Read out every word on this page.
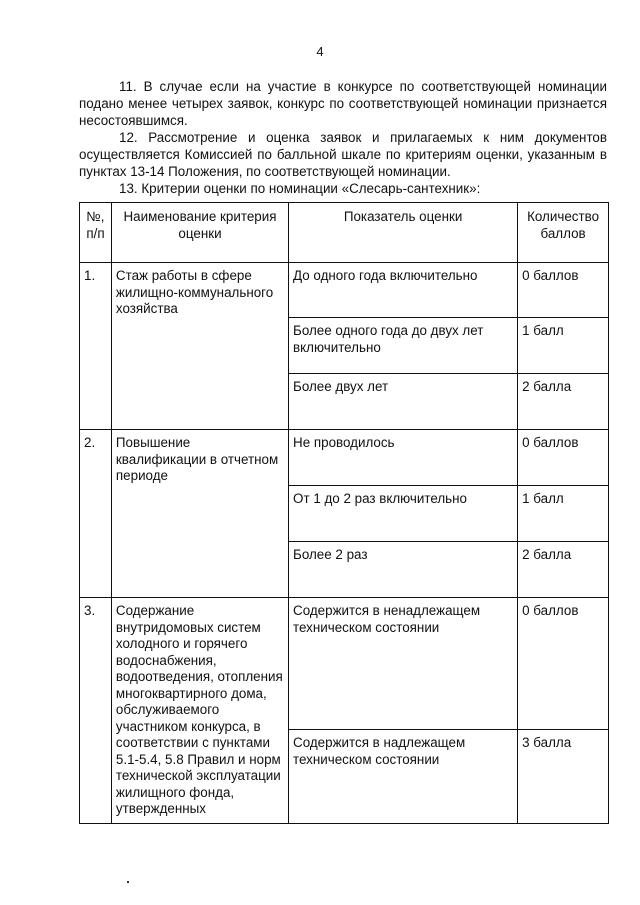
4

11. В случае если на участие в конкурсе по соответствующей номинации подано менее четырех заявок, конкурс по соответствующей номинации признается несостоявшимся.

12. Рассмотрение и оценка заявок и прилагаемых к ним документов осуществляется Комиссией по балльной шкале по критериям оценки, указанным в пунктах 13-14 Положения, по соответствующей номинации.

13. Критерии оценки по номинации «Слесарь-сантехник»:

№, п/п	Наименование критерия оценки	Показатель оценки	Количество баллов
1.	Стаж работы в сфере жилищно-коммунального хозяйства	До одного года включительно	0 баллов
		Более одного года до двух лет включительно	1 балл
		Более двух лет	2 балла
2.	Повышение квалификации в отчетном периоде	Не проводилось	0 баллов
		От 1 до 2 раз включительно	1 балл
		Более 2 раз	2 балла
3.	Содержание внутридомовых систем холодного и горячего водоснабжения, водоотведения, отопления многоквартирного дома, обслуживаемого участником конкурса, в соответствии с пунктами 5.1-5.4, 5.8 Правил и норм технической эксплуатации жилищного фонда, утвержденных	Содержится в ненадлежащем техническом состоянии	0 баллов
		Содержится в надлежащем техническом состоянии	3 балла
